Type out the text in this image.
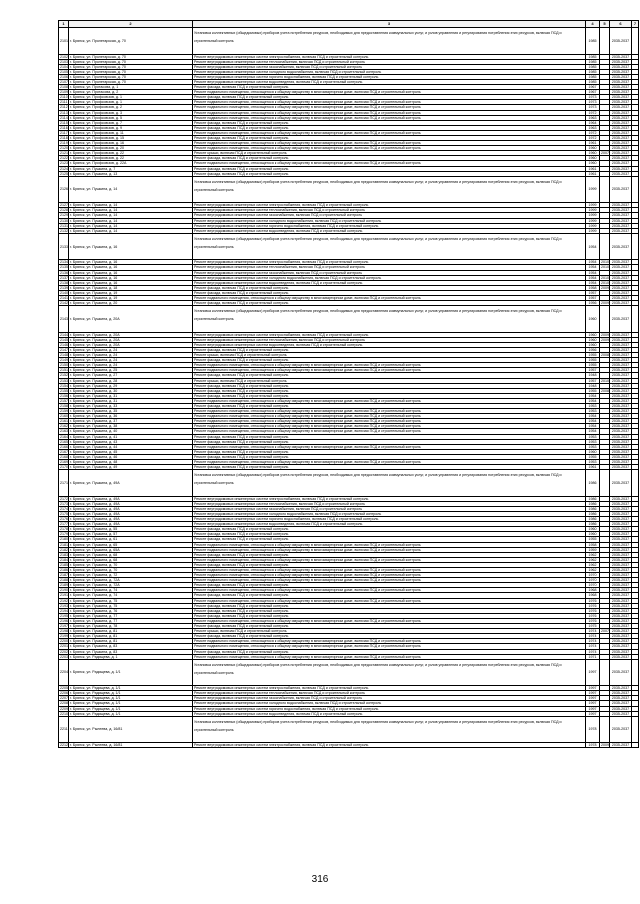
1	2	3	4	5	6	7
2101	г. Брянск, ул. Пролетарская, д. 70	Установка коллективных (общедомовых) приборов учета потребления ресурсов, необходимых для предоставления коммунальных услуг, и узлов управления и регулирования потребления этих ресурсов, включая ПСД и строительный контроль	1985		2035-2037	
2102	г. Брянск, ул. Пролетарская, д. 70	Ремонт внутридомовых инженерных систем электроснабжения, включая ПСД и строительный контроль	1985		2035-2037	
2103	г. Брянск, ул. Пролетарская, д. 70	Ремонт внутридомовых инженерных систем теплоснабжения, включая ПСД и строительный контроль	1985		2035-2037	
2104	г. Брянск, ул. Пролетарская, д. 70	Ремонт внутридомовых инженерных систем газоснабжения, включая ПСД и строительный контроль	1985		2035-2037	
2105	г. Брянск, ул. Пролетарская, д. 70	Ремонт внутридомовых инженерных систем холодного водоснабжения, включая ПСД и строительный контроль	1985		2035-2037	
2106	г. Брянск, ул. Пролетарская, д. 70	Ремонт внутридомовых инженерных систем горячего водоснабжения, включая ПСД и строительный контроль	1985		2035-2037	
2107	г. Брянск, ул. Пролетарская, д. 70	Ремонт внутридомовых инженерных систем водоотведения, включая ПСД и строительный контроль	1985		2035-2037	
2108	г. Брянск, ул. Протасова, д. 1	Ремонт фасада, включая ПСД и строительный контроль	1967		2035-2037	
2109	г. Брянск, ул. Протасова, д. 2	Ремонт подвального помещения, относящегося к общему имуществу в многоквартирном доме, включая ПСД и строительный контроль	1967		2035-2037	
2110	г. Брянск, ул. Профсоюзов, д. 1	Ремонт фасада, включая ПСД и строительный контроль	1973		2035-2037	
2111	г. Брянск, ул. Профсоюзов, д. 1	Ремонт подвального помещения, относящегося к общему имуществу в многоквартирном доме, включая ПСД и строительный контроль	1973		2035-2037	
2112	г. Брянск, ул. Профсоюзов, д. 2	Ремонт подвального помещения, относящегося к общему имуществу в многоквартирном доме, включая ПСД и строительный контроль	1973		2035-2037	
2113	г. Брянск, ул. Профсоюзов, д. 3	Ремонт подвального помещения, относящегося к общему имуществу в многоквартирном доме, включая ПСД и строительный контроль	1972		2035-2037	
2114	г. Брянск, ул. Профсоюзов, д. 5	Ремонт подвального помещения, относящегося к общему имуществу в многоквартирном доме, включая ПСД и строительный контроль	1963		2035-2037	
2115	г. Брянск, ул. Профсоюзов, д. 7	Ремонт фасада, включая ПСД и строительный контроль	1964		2035-2037	
2116	г. Брянск, ул. Профсоюзов, д. 9	Ремонт фасада, включая ПСД и строительный контроль	1963		2035-2037	
2117	г. Брянск, ул. Профсоюзов, д. 11	Ремонт подвального помещения, относящегося к общему имуществу в многоквартирном доме, включая ПСД и строительный контроль	1972		2035-2037	
2118	г. Брянск, ул. Профсоюзов, д. 15	Ремонт фасада, включая ПСД и строительный контроль	1972		2035-2037	
2119	г. Брянск, ул. Профсоюзов, д. 16	Ремонт подвального помещения, относящегося к общему имуществу в многоквартирном доме, включая ПСД и строительный контроль	1961		2035-2037	
2120	г. Брянск, ул. Профсоюзов, д. 20	Ремонт подвального помещения, относящегося к общему имуществу в многоквартирном доме, включая ПСД и строительный контроль	1960		2035-2037	
2121	г. Брянск, ул. Профсоюзов, д. 22	Ремонт крыши, включая ПСД и строительный контроль	1960	2007	2035-2037	
2122	г. Брянск, ул. Профсоюзов, д. 22	Ремонт фасада, включая ПСД и строительный контроль	1960		2035-2037	
2123	г. Брянск, ул. Профсоюзов, д. 22А	Ремонт подвального помещения, относящегося к общему имуществу в многоквартирном доме, включая ПСД и строительный контроль	1960		2035-2037	
2124	г. Брянск, ул. Пушкина, д. 7	Ремонт фасада, включая ПСД и строительный контроль	1961		2035-2037	
2125	г. Брянск, ул. Пушкина, д. 13	Ремонт фасада, включая ПСД и строительный контроль	1961		2035-2037	
2126	г. Брянск, ул. Пушкина, д. 14	Установка коллективных (общедомовых) приборов учета потребления ресурсов, необходимых для предоставления коммунальных услуг, и узлов управления и регулирования потребления этих ресурсов, включая ПСД и строительный контроль	1999		2035-2037	
2127	г. Брянск, ул. Пушкина, д. 14	Ремонт внутридомовых инженерных систем электроснабжения, включая ПСД и строительный контроль	1999		2035-2037	
2128	г. Брянск, ул. Пушкина, д. 14	Ремонт внутридомовых инженерных систем теплоснабжения, включая ПСД и строительный контроль	1999		2035-2037	
2129	г. Брянск, ул. Пушкина, д. 14	Ремонт внутридомовых инженерных систем газоснабжения, включая ПСД и строительный контроль	1999		2035-2037	
2130	г. Брянск, ул. Пушкина, д. 14	Ремонт внутридомовых инженерных систем холодного водоснабжения, включая ПСД и строительный контроль	1999		2035-2037	
2131	г. Брянск, ул. Пушкина, д. 14	Ремонт внутридомовых инженерных систем горячего водоснабжения, включая ПСД и строительный контроль	1999		2035-2037	
2132	г. Брянск, ул. Пушкина, д. 14	Ремонт внутридомовых инженерных систем водоотведения, включая ПСД и строительный контроль	1999		2035-2037	
2133	г. Брянск, ул. Пушкина, д. 16	Установка коллективных (общедомовых) приборов учета потребления ресурсов, необходимых для предоставления коммунальных услуг, и узлов управления и регулирования потребления этих ресурсов, включая ПСД и строительный контроль	1954		2035-2037	
2134	г. Брянск, ул. Пушкина, д. 16	Ремонт внутридомовых инженерных систем электроснабжения, включая ПСД и строительный контроль	1954	2010	2035-2037	
2135	г. Брянск, ул. Пушкина, д. 16	Ремонт внутридомовых инженерных систем теплоснабжения, включая ПСД и строительный контроль	1954	2010	2035-2037	
2136	г. Брянск, ул. Пушкина, д. 16	Ремонт внутридомовых инженерных систем газоснабжения, включая ПСД и строительный контроль	1954		2035-2037	
2137	г. Брянск, ул. Пушкина, д. 16	Ремонт внутридомовых инженерных систем холодного водоснабжения, включая ПСД и строительный контроль	1954	2010	2035-2037	
2138	г. Брянск, ул. Пушкина, д. 16	Ремонт внутридомовых инженерных систем водоотведения, включая ПСД и строительный контроль	1954	2010	2035-2037	
2139	г. Брянск, ул. Пушкина, д. 18	Ремонт фасада, включая ПСД и строительный контроль	1958	2009	2035-2037	
2140	г. Брянск, ул. Пушкина, д. 19	Ремонт фасада, включая ПСД и строительный контроль	1957		2035-2037	
2141	г. Брянск, ул. Пушкина, д. 19	Ремонт подвального помещения, относящегося к общему имуществу в многоквартирном доме, включая ПСД и строительный контроль	1957		2035-2037	
2142	г. Брянск, ул. Пушкина, д. 20	Ремонт фасада, включая ПСД и строительный контроль	1956	2009	2035-2037	
2143	г. Брянск, ул. Пушкина, д. 20А	Установка коллективных (общедомовых) приборов учета потребления ресурсов, необходимых для предоставления коммунальных услуг, и узлов управления и регулирования потребления этих ресурсов, включая ПСД и строительный контроль	1960		2035-2037	
2144	г. Брянск, ул. Пушкина, д. 20А	Ремонт внутридомовых инженерных систем электроснабжения, включая ПСД и строительный контроль	1960	2009	2035-2037	
2145	г. Брянск, ул. Пушкина, д. 20А	Ремонт внутридомовых инженерных систем теплоснабжения, включая ПСД и строительный контроль	1960	2009	2035-2037	
2146	г. Брянск, ул. Пушкина, д. 20А	Ремонт внутридомовых инженерных систем водоотведения, включая ПСД и строительный контроль	1960		2035-2037	
2147	г. Брянск, ул. Пушкина, д. 24	Ремонт фасада, включая ПСД и строительный контроль	1956		2035-2037	
2148	г. Брянск, ул. Пушкина, д. 24	Ремонт крыши, включая ПСД и строительный контроль	1955	2008	2035-2037	
2149	г. Брянск, ул. Пушкина, д. 24	Ремонт фасада, включая ПСД и строительный контроль	1955		2035-2037	
2150	г. Брянск, ул. Пушкина, д. 24	Ремонт подвального помещения, относящегося к общему имуществу в многоквартирном доме, включая ПСД и строительный контроль	1955		2035-2037	
2151	г. Брянск, ул. Пушкина, д. 25	Ремонт подвального помещения, относящегося к общему имуществу в многоквартирном доме, включая ПСД и строительный контроль	1957		2035-2037	
2152	г. Брянск, ул. Пушкина, д. 27	Ремонт фасада, включая ПСД и строительный контроль	1948		2035-2037	
2153	г. Брянск, ул. Пушкина, д. 28	Ремонт крыши, включая ПСД и строительный контроль	1957	2010	2035-2037	
2154	г. Брянск, ул. Пушкина, д. 29	Ремонт фасада, включая ПСД и строительный контроль	1948		2035-2037	
2155	г. Брянск, ул. Пушкина, д. 30	Ремонт фасада, включая ПСД и строительный контроль	1955	2008	2035-2037	
2156	г. Брянск, ул. Пушкина, д. 31	Ремонт фасада, включая ПСД и строительный контроль	1954		2035-2037	
2157	г. Брянск, ул. Пушкина, д. 31	Ремонт подвального помещения, относящегося к общему имуществу в многоквартирном доме, включая ПСД и строительный контроль	1954		2035-2037	
2158	г. Брянск, ул. Пушкина, д. 33	Ремонт фасада, включая ПСД и строительный контроль	1953		2035-2037	
2159	г. Брянск, ул. Пушкина, д. 35	Ремонт подвального помещения, относящегося к общему имуществу в многоквартирном доме, включая ПСД и строительный контроль	1953		2035-2037	
2160	г. Брянск, ул. Пушкина, д. 36	Ремонт подвального помещения, относящегося к общему имуществу в многоквартирном доме, включая ПСД и строительный контроль	1954		2035-2037	
2161	г. Брянск, ул. Пушкина, д. 37	Ремонт подвального помещения, относящегося к общему имуществу в многоквартирном доме, включая ПСД и строительный контроль	1954		2035-2037	
2162	г. Брянск, ул. Пушкина, д. 38	Ремонт подвального помещения, относящегося к общему имуществу в многоквартирном доме, включая ПСД и строительный контроль	1954		2035-2037	
2163	г. Брянск, ул. Пушкина, д. 40	Ремонт подвального помещения, относящегося к общему имуществу в многоквартирном доме, включая ПСД и строительный контроль	1954		2035-2037	
2164	г. Брянск, ул. Пушкина, д. 41	Ремонт фасада, включая ПСД и строительный контроль	1953		2035-2037	
2165	г. Брянск, ул. Пушкина, д. 43	Ремонт фасада, включая ПСД и строительный контроль	1953		2035-2037	
2166	г. Брянск, ул. Пушкина, д. 44	Ремонт подвального помещения, относящегося к общему имуществу в многоквартирном доме, включая ПСД и строительный контроль	1953		2035-2037	
2167	г. Брянск, ул. Пушкина, д. 45	Ремонт фасада, включая ПСД и строительный контроль	1960		2035-2037	
2168	г. Брянск, ул. Пушкина, д. 46	Ремонт фасада, включая ПСД и строительный контроль	1955		2035-2037	
2169	г. Брянск, ул. Пушкина, д. 48	Ремонт подвального помещения, относящегося к общему имуществу в многоквартирном доме, включая ПСД и строительный контроль	1953		2035-2037	
2170	г. Брянск, ул. Пушкина, д. 49	Ремонт фасада, включая ПСД и строительный контроль	1961		2035-2037	
2171	г. Брянск, ул. Пушкина, д. 49А	Установка коллективных (общедомовых) приборов учета потребления ресурсов, необходимых для предоставления коммунальных услуг, и узлов управления и регулирования потребления этих ресурсов, включая ПСД и строительный контроль	1986		2035-2037	
2172	г. Брянск, ул. Пушкина, д. 49А	Ремонт внутридомовых инженерных систем электроснабжения, включая ПСД и строительный контроль	1986		2035-2037	
2173	г. Брянск, ул. Пушкина, д. 49А	Ремонт внутридомовых инженерных систем теплоснабжения, включая ПСД и строительный контроль	1986		2035-2037	
2174	г. Брянск, ул. Пушкина, д. 49А	Ремонт внутридомовых инженерных систем газоснабжения, включая ПСД и строительный контроль	1986		2035-2037	
2175	г. Брянск, ул. Пушкина, д. 49А	Ремонт внутридомовых инженерных систем холодного водоснабжения, включая ПСД и строительный контроль	1986		2035-2037	
2176	г. Брянск, ул. Пушкина, д. 49А	Ремонт внутридомовых инженерных систем горячего водоснабжения, включая ПСД и строительный контроль	1986		2035-2037	
2177	г. Брянск, ул. Пушкина, д. 49А	Ремонт внутридомовых инженерных систем водоотведения, включая ПСД и строительный контроль	1986		2035-2037	
2178	г. Брянск, ул. Пушкина, д. 55	Ремонт фасада, включая ПСД и строительный контроль	1960		2035-2037	
2179	г. Брянск, ул. Пушкина, д. 57	Ремонт фасада, включая ПСД и строительный контроль	1960		2035-2037	
2180	г. Брянск, ул. Пушкина, д. 61	Ремонт фасада, включая ПСД и строительный контроль	1955		2035-2037	
2181	г. Брянск, ул. Пушкина, д. 65	Ремонт подвального помещения, относящегося к общему имуществу в многоквартирном доме, включая ПСД и строительный контроль	1958		2035-2037	
2182	г. Брянск, ул. Пушкина, д. 65А	Ремонт подвального помещения, относящегося к общему имуществу в многоквартирном доме, включая ПСД и строительный контроль	1959		2035-2037	
2183	г. Брянск, ул. Пушкина, д. 68	Ремонт фасада, включая ПСД и строительный контроль	1962		2035-2037	
2184	г. Брянск, ул. Пушкина, д. 68	Ремонт подвального помещения, относящегося к общему имуществу в многоквартирном доме, включая ПСД и строительный контроль	1962		2035-2037	
2185	г. Брянск, ул. Пушкина, д. 70	Ремонт фасада, включая ПСД и строительный контроль	1962		2035-2037	
2186	г. Брянск, ул. Пушкина, д. 70	Ремонт подвального помещения, относящегося к общему имуществу в многоквартирном доме, включая ПСД и строительный контроль	1962		2035-2037	
2187	г. Брянск, ул. Пушкина, д. 72	Ремонт подвального помещения, относящегося к общему имуществу в многоквартирном доме, включая ПСД и строительный контроль	1970		2035-2037	
2188	г. Брянск, ул. Пушкина, д. 72А	Ремонт подвального помещения, относящегося к общему имуществу в многоквартирном доме, включая ПСД и строительный контроль	1970		2035-2037	
2189	г. Брянск, ул. Пушкина, д. 72А	Ремонт фасада, включая ПСД и строительный контроль	1970		2035-2037	
2190	г. Брянск, ул. Пушкина, д. 74	Ремонт подвального помещения, относящегося к общему имуществу в многоквартирном доме, включая ПСД и строительный контроль	1968		2035-2037	
2191	г. Брянск, ул. Пушкина, д. 74	Ремонт фасада, включая ПСД и строительный контроль	1968		2035-2037	
2192	г. Брянск, ул. Пушкина, д. 75	Ремонт подвального помещения, относящегося к общему имуществу в многоквартирном доме, включая ПСД и строительный контроль	1976		2035-2037	
2193	г. Брянск, ул. Пушкина, д. 75	Ремонт фасада, включая ПСД и строительный контроль	1976		2035-2037	
2194	г. Брянск, ул. Пушкина, д. 76	Ремонт фасада, включая ПСД и строительный контроль	1976		2035-2037	
2195	г. Брянск, ул. Пушкина, д. 77	Ремонт фасада, включая ПСД и строительный контроль	1976		2035-2037	
2196	г. Брянск, ул. Пушкина, д. 77	Ремонт подвального помещения, относящегося к общему имуществу в многоквартирном доме, включая ПСД и строительный контроль	1976		2035-2037	
2197	г. Брянск, ул. Пушкина, д. 78	Ремонт фасада, включая ПСД и строительный контроль	1975		2035-2037	
2198	г. Брянск, ул. Пушкина, д. 81	Ремонт крыши, включая ПСД и строительный контроль	1974	2007	2035-2037	
2199	г. Брянск, ул. Пушкина, д. 81	Ремонт фасада, включая ПСД и строительный контроль	1974		2035-2037	
2200	г. Брянск, ул. Пушкина, д. 81	Ремонт подвального помещения, относящегося к общему имуществу в многоквартирном доме, включая ПСД и строительный контроль	1974		2035-2037	
2201	г. Брянск, ул. Пушкина, д. 83	Ремонт подвального помещения, относящегося к общему имуществу в многоквартирном доме, включая ПСД и строительный контроль	1974		2035-2037	
2202	г. Брянск, ул. Пушкина, д. 83	Ремонт фасада, включая ПСД и строительный контроль	1974		2035-2037	
2203	г. Брянск, ул. Радищева, д. 1	Ремонт подвального помещения, относящегося к общему имуществу в многоквартирном доме, включая ПСД и строительный контроль	1971		2035-2037	
2204	г. Брянск, ул. Радищева, д. 1/1	Установка коллективных (общедомовых) приборов учета потребления ресурсов, необходимых для предоставления коммунальных услуг, и узлов управления и регулирования потребления этих ресурсов, включая ПСД и строительный контроль	1997		2035-2037	
2205	г. Брянск, ул. Радищева, д. 1/1	Ремонт внутридомовых инженерных систем электроснабжения, включая ПСД и строительный контроль	1997		2035-2037	
2206	г. Брянск, ул. Радищева, д. 1/1	Ремонт внутридомовых инженерных систем теплоснабжения, включая ПСД и строительный контроль	1997		2035-2037	
2207	г. Брянск, ул. Радищева, д. 1/1	Ремонт внутридомовых инженерных систем газоснабжения, включая ПСД и строительный контроль	1997		2035-2037	
2208	г. Брянск, ул. Радищева, д. 1/1	Ремонт внутридомовых инженерных систем холодного водоснабжения, включая ПСД и строительный контроль	1997		2035-2037	
2209	г. Брянск, ул. Радищева, д. 1/1	Ремонт внутридомовых инженерных систем горячего водоснабжения, включая ПСД и строительный контроль	1997		2035-2037	
2210	г. Брянск, ул. Радищева, д. 1/1	Ремонт внутридомовых инженерных систем водоотведения, включая ПСД и строительный контроль	1997		2035-2037	
2211	г. Брянск, ул. Рылеева, д. 16/81	Установка коллективных (общедомовых) приборов учета потребления ресурсов, необходимых для предоставления коммунальных услуг, и узлов управления и регулирования потребления этих ресурсов, включая ПСД и строительный контроль	1978		2035-2037	
2212	г. Брянск, ул. Рылеева, д. 16/81	Ремонт внутридомовых инженерных систем электроснабжения, включая ПСД и строительный контроль	1978	2009	2035-2037	
316
